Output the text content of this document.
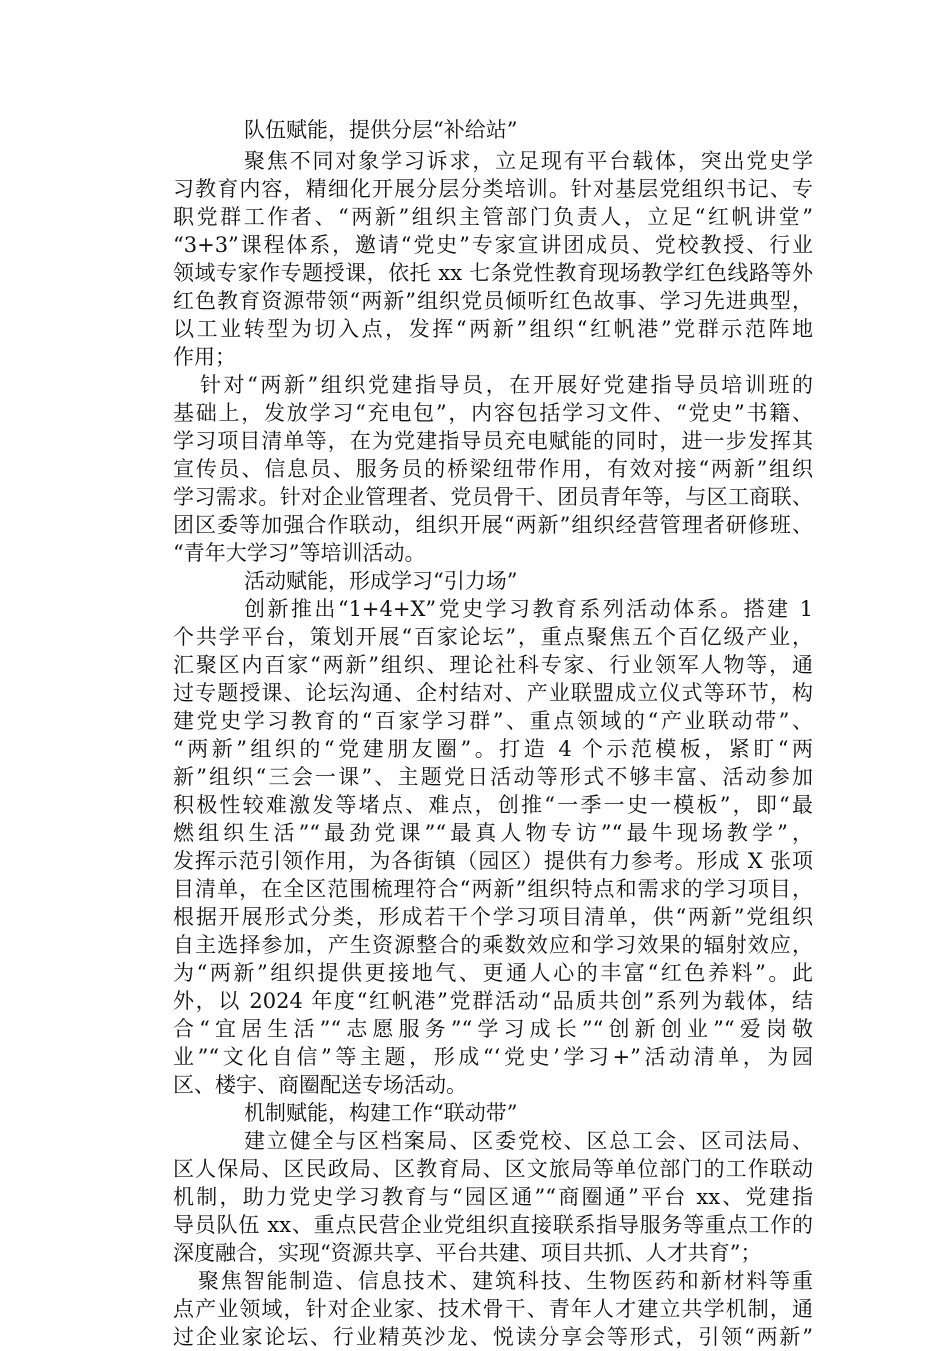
队伍赋能，提供分层“补给站”
聚焦不同对象学习诉求，立足现有平台载体，突出党史学
习教育内容，精细化开展分层分类培训。针对基层党组织书记、专
职党群工作者、“两新”组织主管部门负责人，立足“红帆讲堂”
“3+3”课程体系，邀请“党史”专家宣讲团成员、党校教授、行业
领域专家作专题授课，依托 xx 七条党性教育现场教学红色线路等外
红色教育资源带领“两新”组织党员倾听红色故事、学习先进典型，
以工业转型为切入点，发挥“两新”组织“红帆港”党群示范阵地
作用；
针对“两新”组织党建指导员，在开展好党建指导员培训班的
基础上，发放学习“充电包”，内容包括学习文件、“党史”书籍、
学习项目清单等，在为党建指导员充电赋能的同时，进一步发挥其
宣传员、信息员、服务员的桥梁纽带作用，有效对接“两新”组织
学习需求。针对企业管理者、党员骨干、团员青年等，与区工商联、
团区委等加强合作联动，组织开展“两新”组织经营管理者研修班、
“青年大学习”等培训活动。
活动赋能，形成学习“引力场”
创新推出“1+4+X”党史学习教育系列活动体系。搭建 1
个共学平台，策划开展“百家论坛”，重点聚焦五个百亿级产业，
汇聚区内百家“两新”组织、理论社科专家、行业领军人物等，通
过专题授课、论坛沟通、企村结对、产业联盟成立仪式等环节，构
建党史学习教育的“百家学习群”、重点领域的“产业联动带”、
“两新”组织的“党建朋友圈”。打造 4 个示范模板，紧盯“两
新”组织“三会一课”、主题党日活动等形式不够丰富、活动参加
积极性较难激发等堵点、难点，创推“一季一史一模板”，即“最
燃组织生活”“最劲党课”“最真人物专访”“最牛现场教学”，
发挥示范引领作用，为各街镇（园区）提供有力参考。形成 X 张项
目清单，在全区范围梳理符合“两新”组织特点和需求的学习项目，
根据开展形式分类，形成若干个学习项目清单，供“两新”党组织
自主选择参加，产生资源整合的乘数效应和学习效果的辐射效应，
为“两新”组织提供更接地气、更通人心的丰富“红色养料”。此
外，以 2024 年度“红帆港”党群活动“品质共创”系列为载体，结
合“宜居生活”“志愿服务”“学习成长”“创新创业”“爱岗敬
业”“文化自信”等主题，形成“‘党史’学习+”活动清单，为园
区、楼宇、商圈配送专场活动。
机制赋能，构建工作“联动带”
建立健全与区档案局、区委党校、区总工会、区司法局、
区人保局、区民政局、区教育局、区文旅局等单位部门的工作联动
机制，助力党史学习教育与“园区通”“商圈通”平台 xx、党建指
导员队伍 xx、重点民营企业党组织直接联系指导服务等重点工作的
深度融合，实现“资源共享、平台共建、项目共抓、人才共育”；
聚焦智能制造、信息技术、建筑科技、生物医药和新材料等重
点产业领域，针对企业家、技术骨干、青年人才建立共学机制，通
过企业家论坛、行业精英沙龙、悦读分享会等形式，引领“两新”
